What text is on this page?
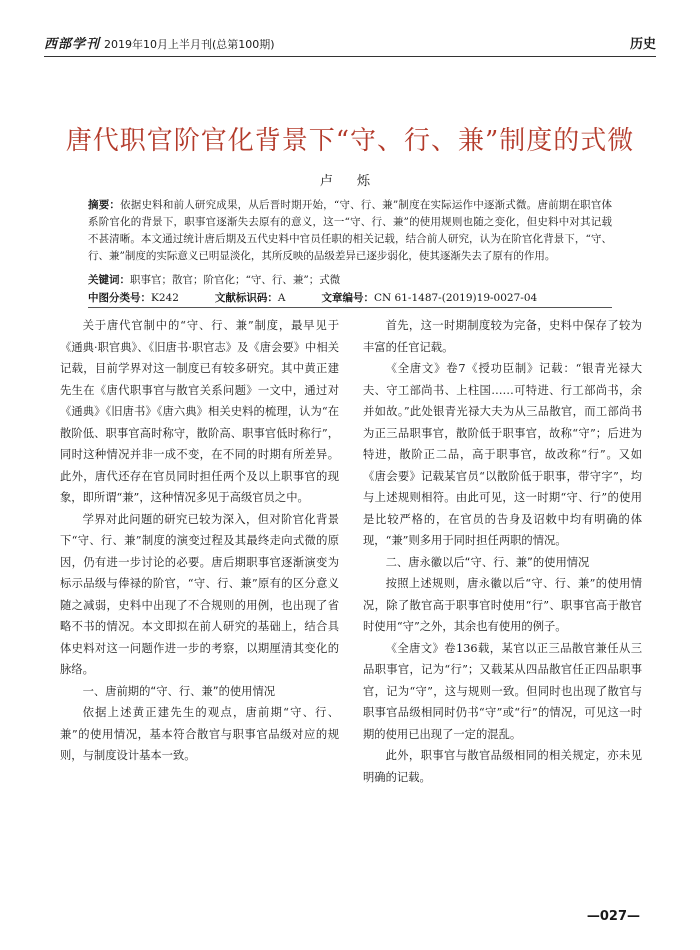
西部学刊 2019年10月上半月刊(总第100期)	历史
唐代职官阶官化背景下“守、行、兼”制度的式微
卢 烁
摘要：依据史料和前人研究成果，从后晋时期开始，“守、行、兼”制度在实际运作中逐渐式微。唐前期在职官体系阶官化的背景下，职事官逐渐失去原有的意义，这一“守、行、兼”的使用规则也随之变化，但史料中对其记载不甚清晰。本文通过统计唐后期及五代史料中官员任职的相关记载，结合前人研究，认为在阶官化背景下，“守、行、兼”制度的实际意义已明显淡化，其所反映的品级差异已逐步弱化，使其逐渐失去了原有的作用。
关键词：职事官；散官；阶官化；“守、行、兼”；式微
中图分类号：K242	文献标识码：A	文章编号：CN 61-1487-(2019)19-0027-04

关于唐代官制中的“守、行、兼”制度，最早见于《通典·职官典》、《旧唐书·职官志》及《唐会要》中相关记载，目前学界对这一制度已有较多研究。其中黄正建先生在《唐代职事官与散官关系问题》一文中，通过对《通典》《旧唐书》《唐六典》相关史料的梳理，认为“在散阶低、职事官高时称守，散阶高、职事官低时称行”，同时这种情况并非一成不变，在不同的时期有所差异。此外，唐代还存在官员同时担任两个及以上职事官的现象，即所谓“兼”，这种情况多见于高级官员之中。

学界对此问题的研究已较为深入，但对阶官化背景下“守、行、兼”制度的演变过程及其最终走向式微的原因，仍有进一步讨论的必要。唐后期职事官逐渐演变为标示品级与俸禄的阶官，“守、行、兼”原有的区分意义随之减弱，史料中出现了不合规则的用例，也出现了省略不书的情况。本文即拟在前人研究的基础上，结合具体史料对这一问题作进一步的考察，以期厘清其变化的脉络。

一、唐前期的“守、行、兼”的使用情况

依据上述黄正建先生的观点，唐前期“守、行、兼”的使用情况，基本符合散官与职事官品级对应的规则，与制度设计基本一致。

首先，这一时期制度较为完备，史料中保存了较为丰富的任官记载。

《全唐文》卷7《授功臣制》记载：“银青光禄大夫、守工部尚书、上柱国……可特进、行工部尚书，余并如故。”此处银青光禄大夫为从三品散官，而工部尚书为正三品职事官，散阶低于职事官，故称“守”；后进为特进，散阶正二品，高于职事官，故改称“行”。又如《唐会要》记载某官员“以散阶低于职事，带守字”，均与上述规则相符。由此可见，这一时期“守、行”的使用是比较严格的，在官员的告身及诏敕中均有明确的体现，“兼”则多用于同时担任两职的情况。

二、唐永徽以后“守、行、兼”的使用情况

按照上述规则，唐永徽以后“守、行、兼”的使用情况，除了散官高于职事官时使用“行”、职事官高于散官时使用“守”之外，其余也有使用的例子。

《全唐文》卷136载，某官以正三品散官兼任从三品职事官，记为“行”；又载某从四品散官任正四品职事官，记为“守”，这与规则一致。但同时也出现了散官与职事官品级相同时仍书“守”或“行”的情况，可见这一时期的使用已出现了一定的混乱。

此外，职事官与散官品级相同的相关规定，亦未见明确的记载。

—027—
